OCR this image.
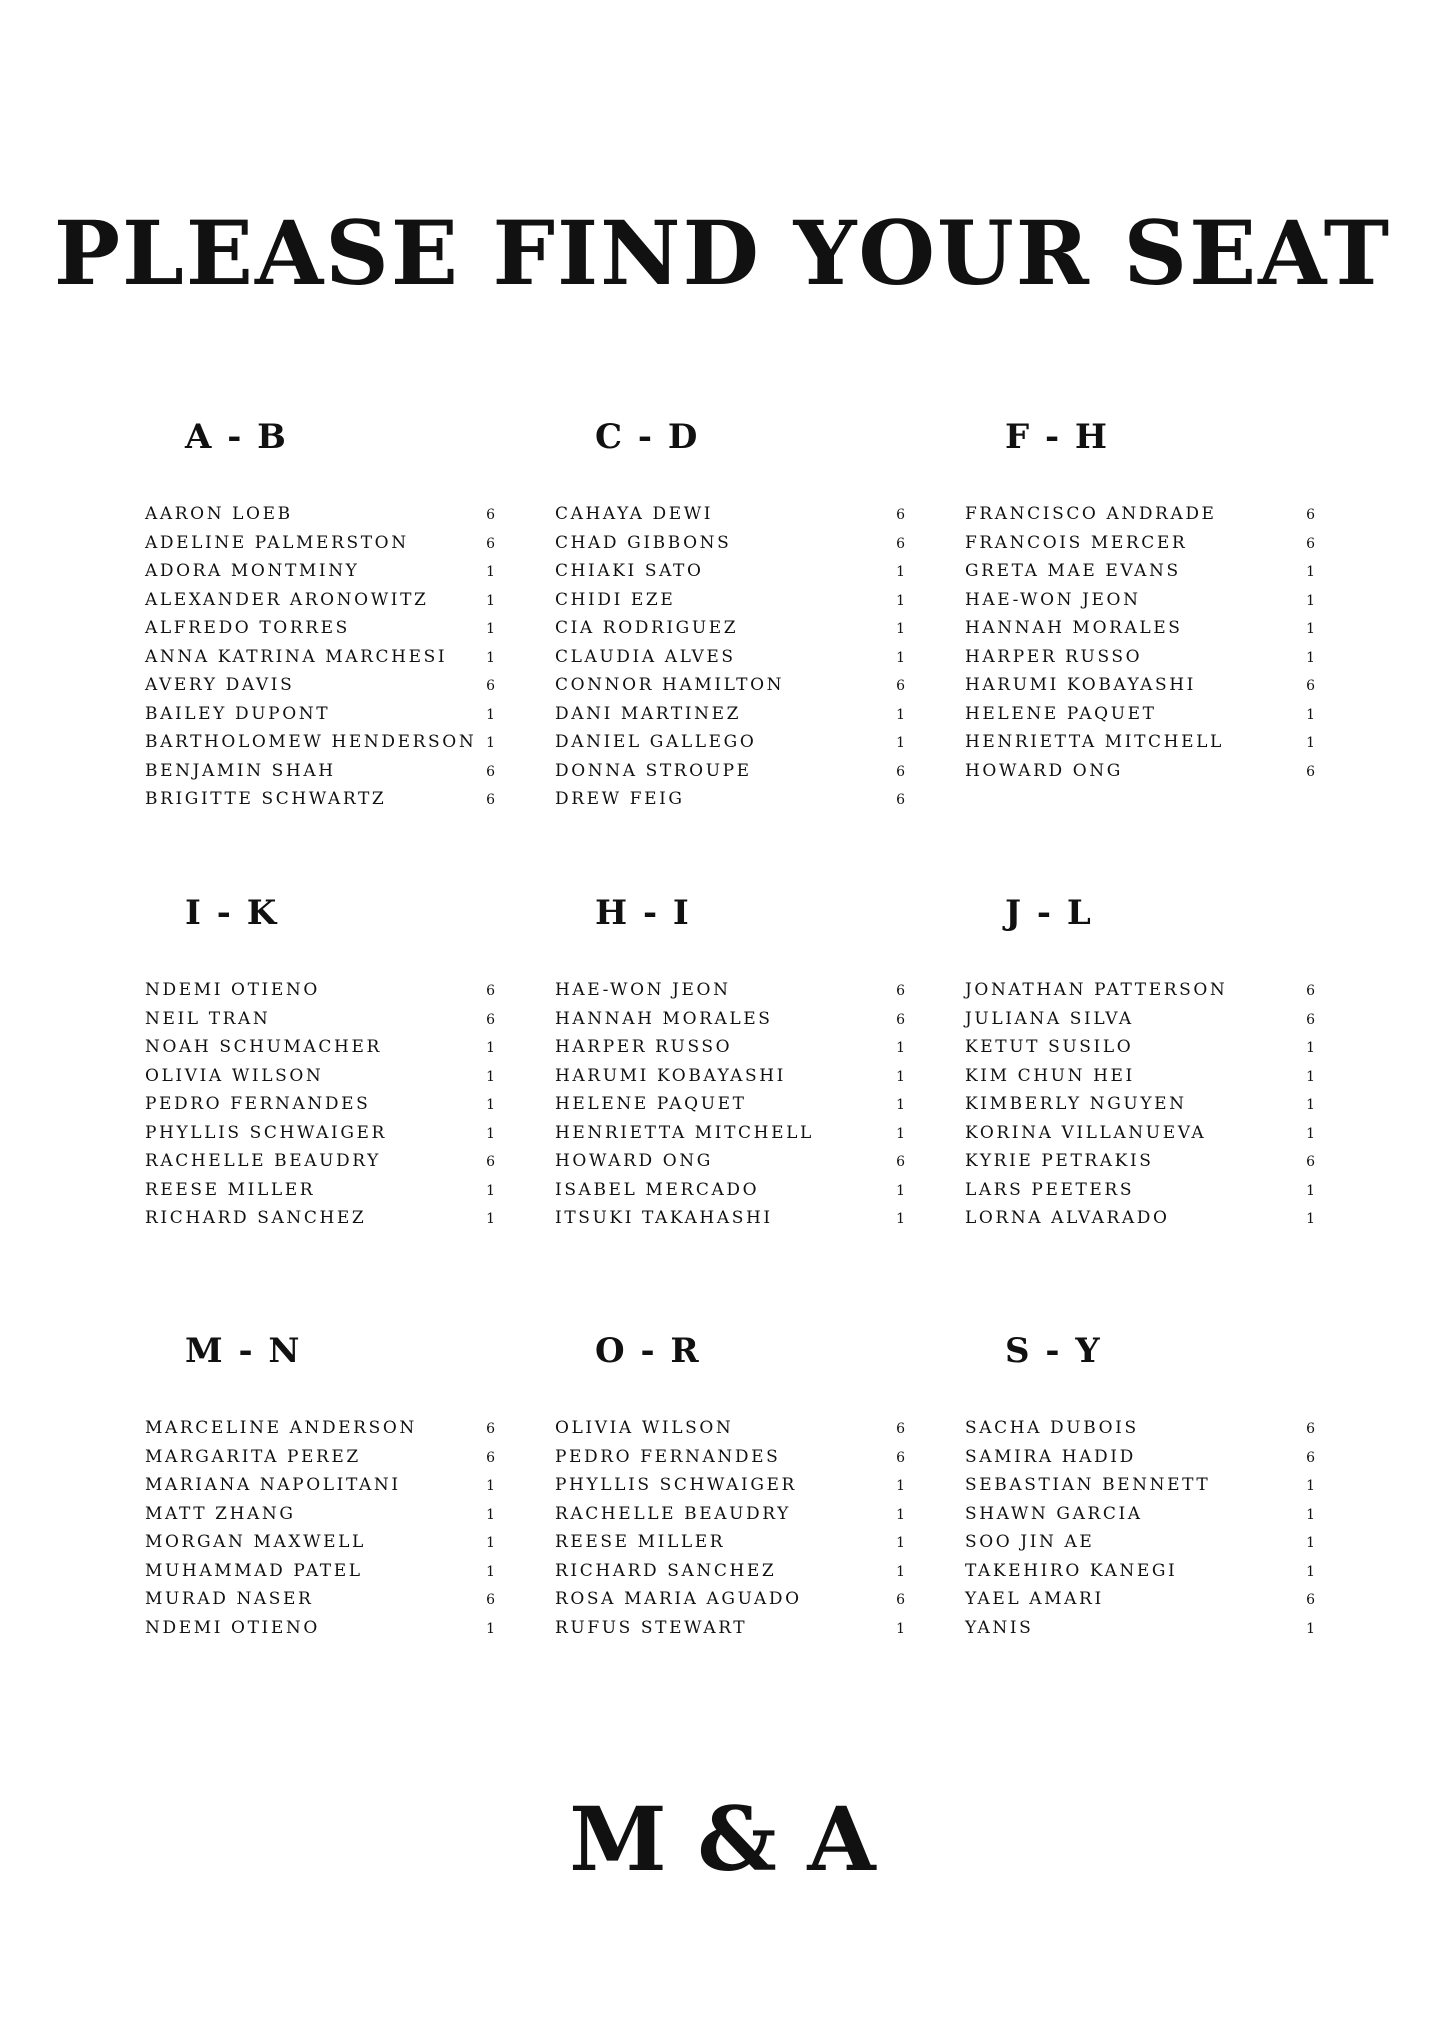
PLEASE FIND YOUR SEAT
A - B
AARON LOEB	6
ADELINE PALMERSTON	6
ADORA MONTMINY	1
ALEXANDER ARONOWITZ	1
ALFREDO TORRES	1
ANNA KATRINA MARCHESI	1
AVERY DAVIS	6
BAILEY DUPONT	1
BARTHOLOMEW HENDERSON 1
BENJAMIN SHAH	6
BRIGITTE SCHWARTZ	6
C - D
CAHAYA DEWI	6
CHAD GIBBONS	6
CHIAKI SATO	1
CHIDI EZE	1
CIA RODRIGUEZ	1
CLAUDIA ALVES	1
CONNOR HAMILTON	6
DANI MARTINEZ	1
DANIEL GALLEGO	1
DONNA STROUPE	6
DREW FEIG	6
F - H
FRANCISCO ANDRADE	6
FRANCOIS MERCER	6
GRETA MAE EVANS	1
HAE-WON JEON	1
HANNAH MORALES	1
HARPER RUSSO	1
HARUMI KOBAYASHI	6
HELENE PAQUET	1
HENRIETTA MITCHELL	1
HOWARD ONG	6
I - K
NDEMI OTIENO	6
NEIL TRAN	6
NOAH SCHUMACHER	1
OLIVIA WILSON	1
PEDRO FERNANDES	1
PHYLLIS SCHWAIGER	1
RACHELLE BEAUDRY	6
REESE MILLER	1
RICHARD SANCHEZ	1
H - I
HAE-WON JEON	6
HANNAH MORALES	6
HARPER RUSSO	1
HARUMI KOBAYASHI	1
HELENE PAQUET	1
HENRIETTA MITCHELL	1
HOWARD ONG	6
ISABEL MERCADO	1
ITSUKI TAKAHASHI	1
J - L
JONATHAN PATTERSON	6
JULIANA SILVA	6
KETUT SUSILO	1
KIM CHUN HEI	1
KIMBERLY NGUYEN	1
KORINA VILLANUEVA	1
KYRIE PETRAKIS	6
LARS PEETERS	1
LORNA ALVARADO	1
M - N
MARCELINE ANDERSON	6
MARGARITA PEREZ	6
MARIANA NAPOLITANI	1
MATT ZHANG	1
MORGAN MAXWELL	1
MUHAMMAD PATEL	1
MURAD NASER	6
NDEMI OTIENO	1
O - R
OLIVIA WILSON	6
PEDRO FERNANDES	6
PHYLLIS SCHWAIGER	1
RACHELLE BEAUDRY	1
REESE MILLER	1
RICHARD SANCHEZ	1
ROSA MARIA AGUADO	6
RUFUS STEWART	1
S - Y
SACHA DUBOIS	6
SAMIRA HADID	6
SEBASTIAN BENNETT	1
SHAWN GARCIA	1
SOO JIN AE	1
TAKEHIRO KANEGI	1
YAEL AMARI	6
YANIS	1
M & A
